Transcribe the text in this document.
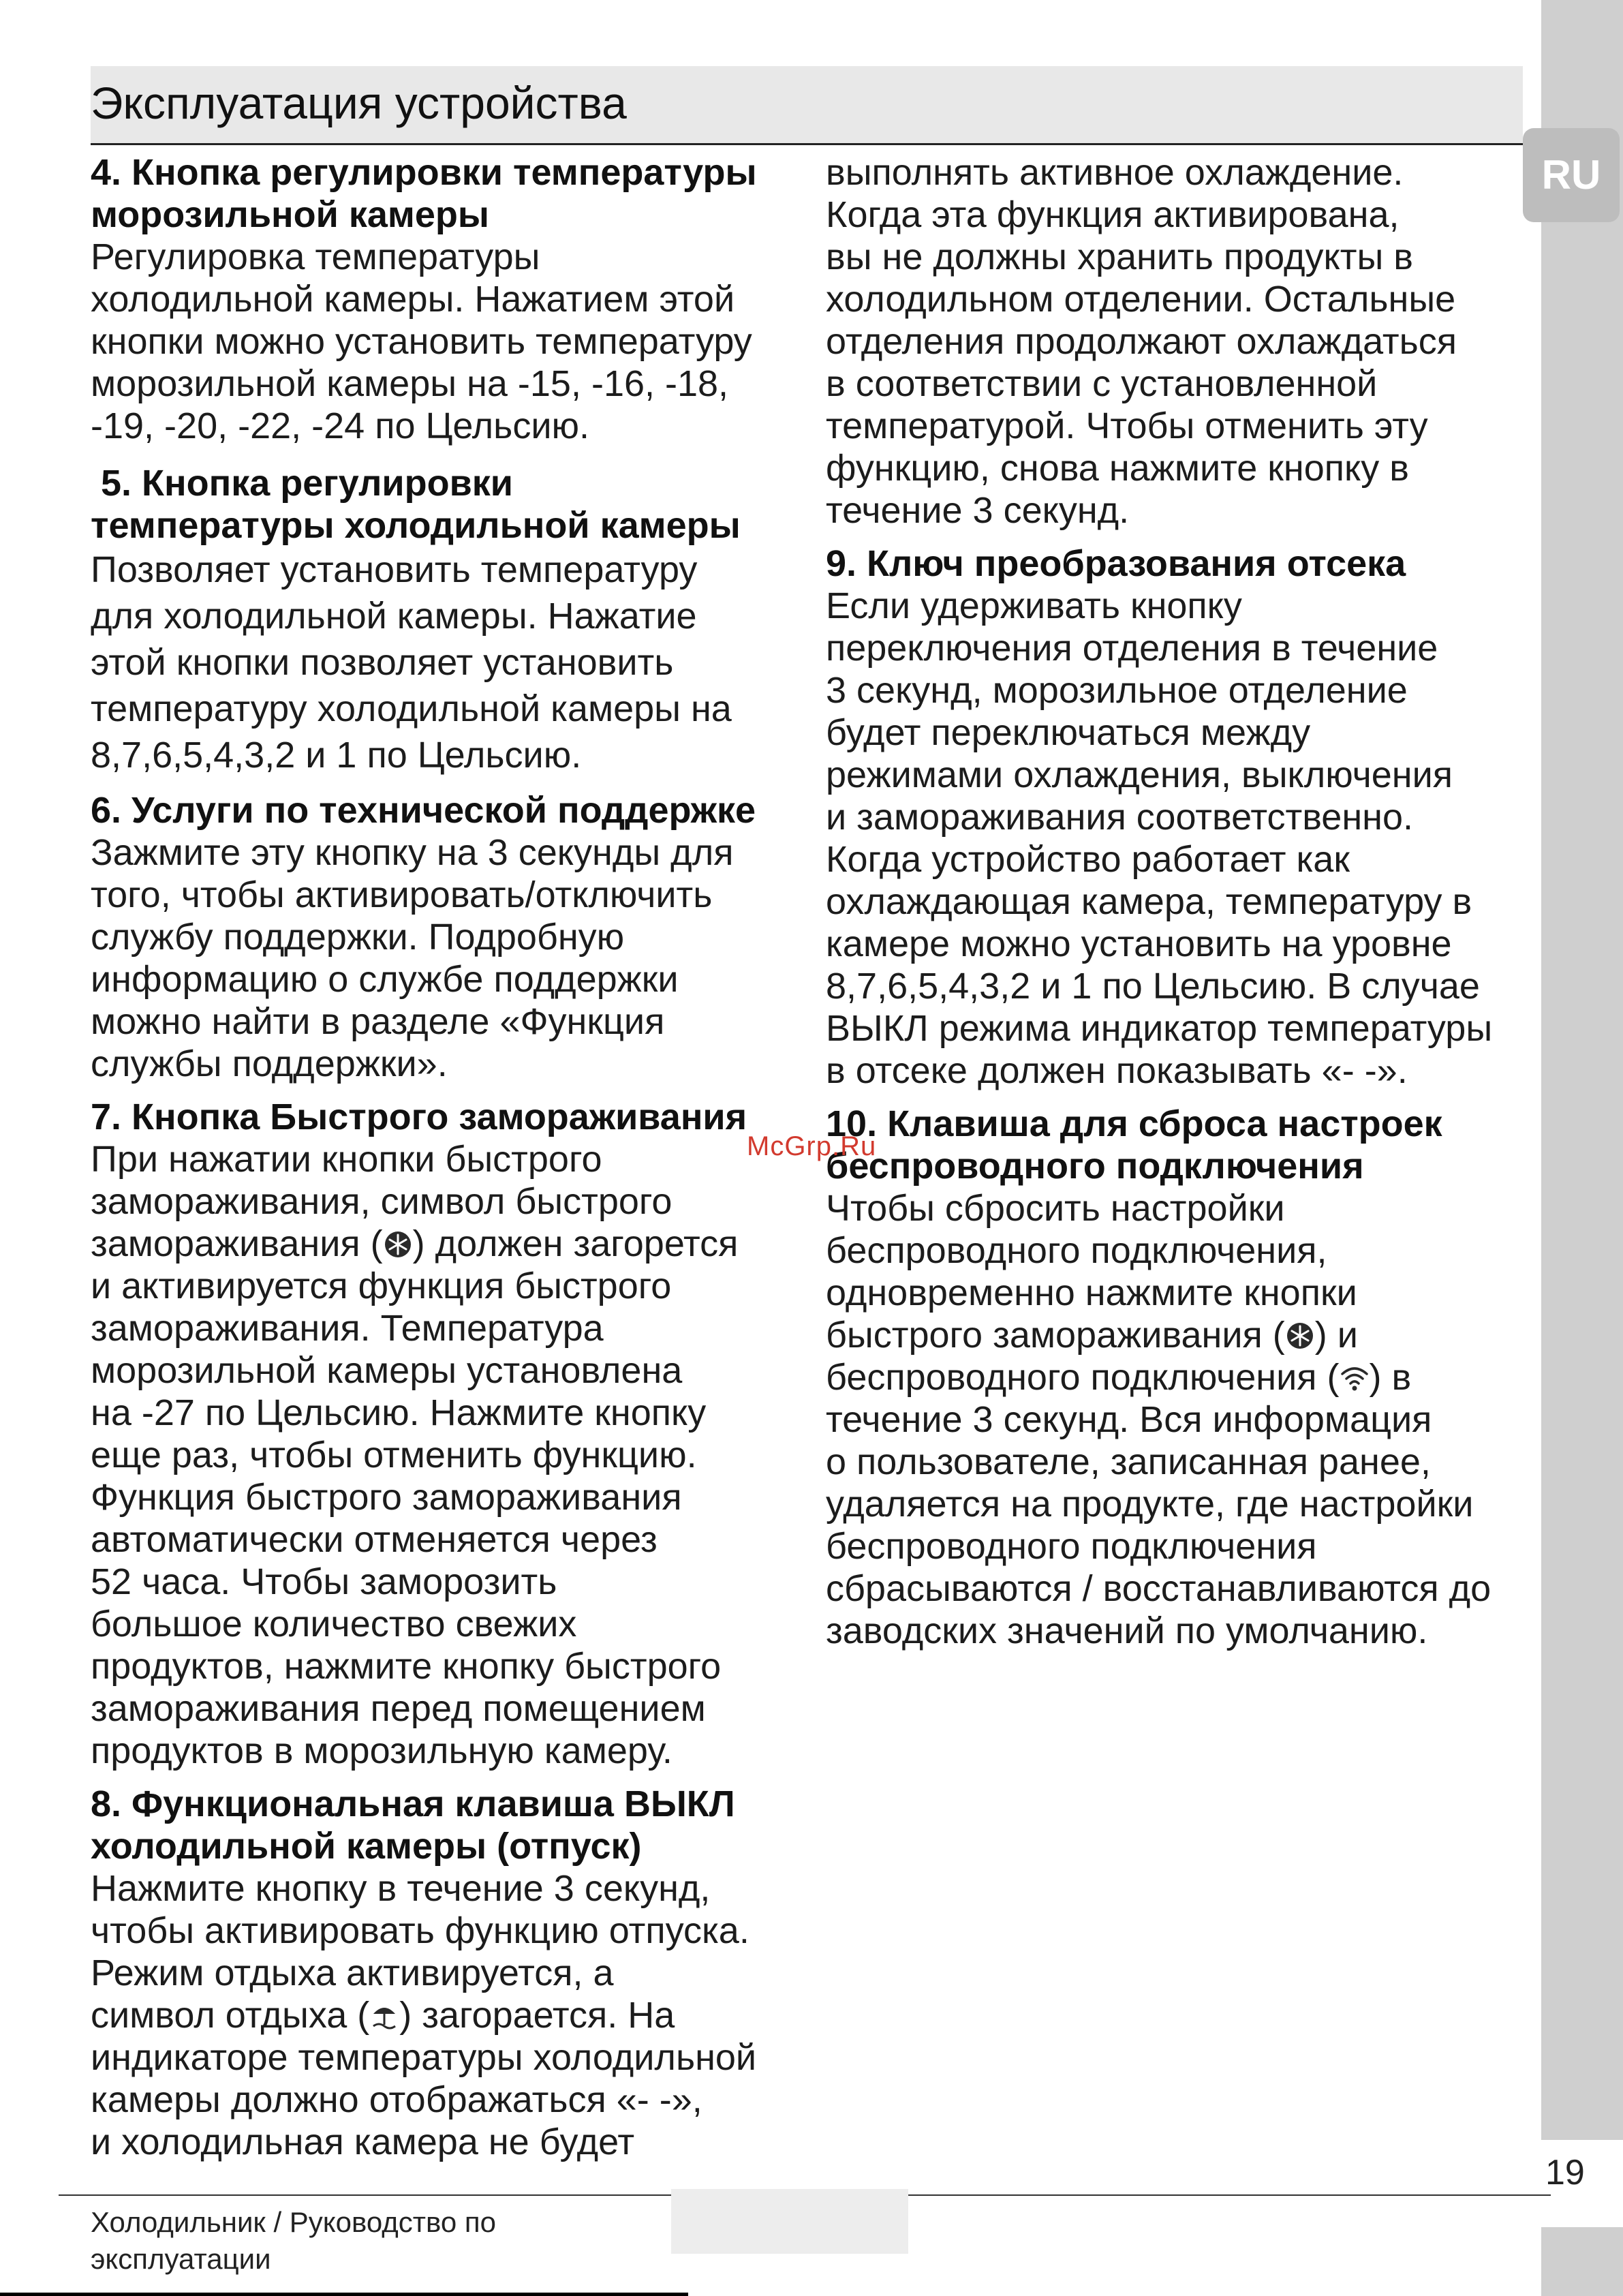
RU
Эксплуатация устройства
4. Кнопка регулировки температуры
морозильной камеры
Регулировка температуры
холодильной камеры. Нажатием этой
кнопки можно установить температуру
морозильной камеры на -15, -16, -18,
-19, -20, -22, -24 по Цельсию.
5. Кнопка регулировки
температуры холодильной камеры
Позволяет установить температуру
для холодильной камеры. Нажатие
этой кнопки позволяет установить
температуру холодильной камеры на
8,7,6,5,4,3,2 и 1 по Цельсию.
6. Услуги по технической поддержке
Зажмите эту кнопку на 3 секунды для
того, чтобы активировать/отключить
службу поддержки. Подробную
информацию о службе поддержки
можно найти в разделе «Функция
службы поддержки».
7. Кнопка Быстрого замораживания
При нажатии кнопки быстрого
замораживания, символ быстрого
замораживания ( ) должен загорется
и активируется функция быстрого
замораживания. Температура
морозильной камеры установлена
на -27 по Цельсию. Нажмите кнопку
еще раз, чтобы отменить функцию.
Функция быстрого замораживания
автоматически отменяется через
52 часа. Чтобы заморозить
большое количество свежих
продуктов, нажмите кнопку быстрого
замораживания перед помещением
продуктов в морозильную камеру.
8. Функциональная клавиша ВЫКЛ
холодильной камеры (отпуск)
Нажмите кнопку в течение 3 секунд,
чтобы активировать функцию отпуска.
Режим отдыха активируется, а
символ отдыха ( ) загорается. На
индикаторе температуры холодильной
камеры должно отображаться «- -»,
и холодильная камера не будет
выполнять активное охлаждение.
Когда эта функция активирована,
вы не должны хранить продукты в
холодильном отделении. Остальные
отделения продолжают охлаждаться
в соответствии с установленной
температурой. Чтобы отменить эту
функцию, снова нажмите кнопку в
течение 3 секунд.
9. Ключ преобразования отсека
Если удерживать кнопку
переключения отделения в течение
3 секунд, морозильное отделение
будет переключаться между
режимами охлаждения, выключения
и замораживания соответственно.
Когда устройство работает как
охлаждающая камера, температуру в
камере можно установить на уровне
8,7,6,5,4,3,2 и 1 по Цельсию. В случае
ВЫКЛ режима индикатор температуры
в отсеке должен показывать «- -».
10. Клавиша для сброса настроек
беспроводного подключения
Чтобы сбросить настройки
беспроводного подключения,
одновременно нажмите кнопки
быстрого замораживания ( ) и
беспроводного подключения ( ) в
течение 3 секунд. Вся информация
о пользователе, записанная ранее,
удаляется на продукте, где настройки
беспроводного подключения
сбрасываются / восстанавливаются до
заводских значений по умолчанию.
McGrp.Ru
19
Холодильник / Руководство по
эксплуатации
